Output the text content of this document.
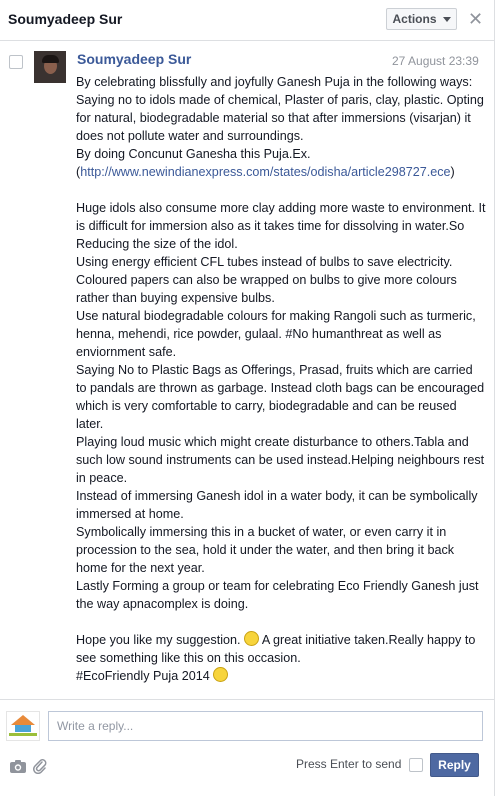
Soumyadeep Sur	Actions ✕
Soumyadeep Sur	27 August 23:39

By celebrating blissfully and joyfully Ganesh Puja in the following ways:

Saying no to idols made of chemical, Plaster of paris, clay, plastic. Opting for natural, biodegradable material so that after immersions (visarjan) it does not pollute water and surroundings.

By doing Concunut Ganesha this Puja.Ex.

(http://www.newindianexpress.com/states/odisha/article298727.ece)

Huge idols also consume more clay adding more waste to environment. It is difficult for immersion also as it takes time for dissolving in water.So Reducing the size of the idol.

Using energy efficient CFL tubes instead of bulbs to save electricity. Coloured papers can also be wrapped on bulbs to give more colours rather than buying expensive bulbs.

Use natural biodegradable colours for making Rangoli such as turmeric, henna, mehendi, rice powder, gulaal. #No humanthreat as well as enviornment safe.

Saying No to Plastic Bags as Offerings, Prasad, fruits which are carried to pandals are thrown as garbage. Instead cloth bags can be encouraged which is very comfortable to carry, biodegradable and can be reused later.

Playing loud music which might create disturbance to others.Tabla and such low sound instruments can be used instead.Helping neighbours rest in peace.

Instead of immersing Ganesh idol in a water body, it can be symbolically immersed at home.

Symbolically immersing this in a bucket of water, or even carry it in procession to the sea, hold it under the water, and then bring it back home for the next year.

Lastly Forming a group or team for celebrating Eco Friendly Ganesh just the way apnacomplex is doing.

Hope you like my suggestion.  A great initiative taken.Really happy to see something like this on this occasion.

#EcoFriendly Puja 2014

Write a reply...
Press Enter to send	Reply
